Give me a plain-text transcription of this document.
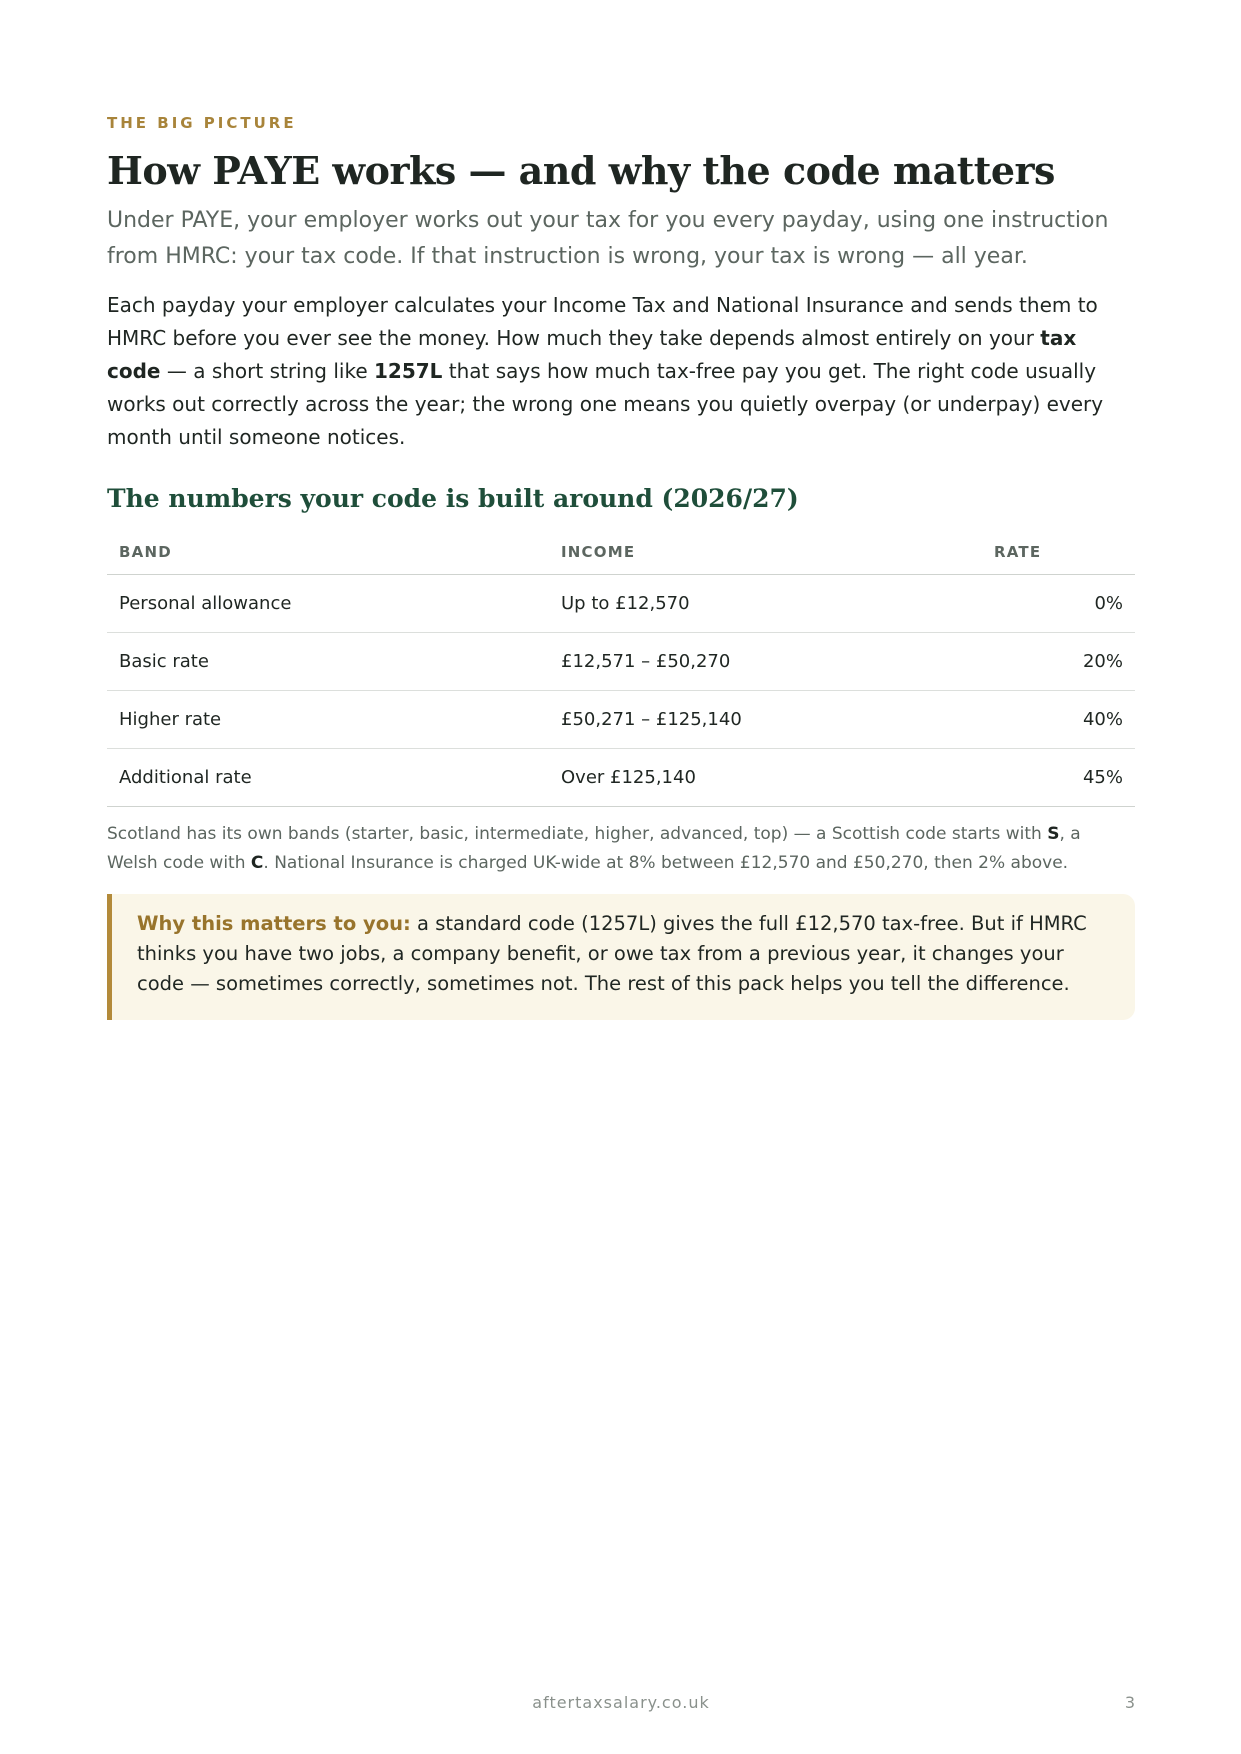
THE BIG PICTURE
How PAYE works — and why the code matters

Under PAYE, your employer works out your tax for you every payday, using one instruction from HMRC: your tax code. If that instruction is wrong, your tax is wrong — all year.

Each payday your employer calculates your Income Tax and National Insurance and sends them to HMRC before you ever see the money. How much they take depends almost entirely on your tax code — a short string like 1257L that says how much tax-free pay you get. The right code usually works out correctly across the year; the wrong one means you quietly overpay (or underpay) every month until someone notices.

The numbers your code is built around (2026/27)
BAND	INCOME	RATE
Personal allowance	Up to £12,570	0%
Basic rate	£12,571 – £50,270	20%
Higher rate	£50,271 – £125,140	40%
Additional rate	Over £125,140	45%

Scotland has its own bands (starter, basic, intermediate, higher, advanced, top) — a Scottish code starts with S, a Welsh code with C. National Insurance is charged UK-wide at 8% between £12,570 and £50,270, then 2% above.

Why this matters to you: a standard code (1257L) gives the full £12,570 tax-free. But if HMRC thinks you have two jobs, a company benefit, or owe tax from a previous year, it changes your code — sometimes correctly, sometimes not. The rest of this pack helps you tell the difference.
aftertaxsalary.co.uk	3
